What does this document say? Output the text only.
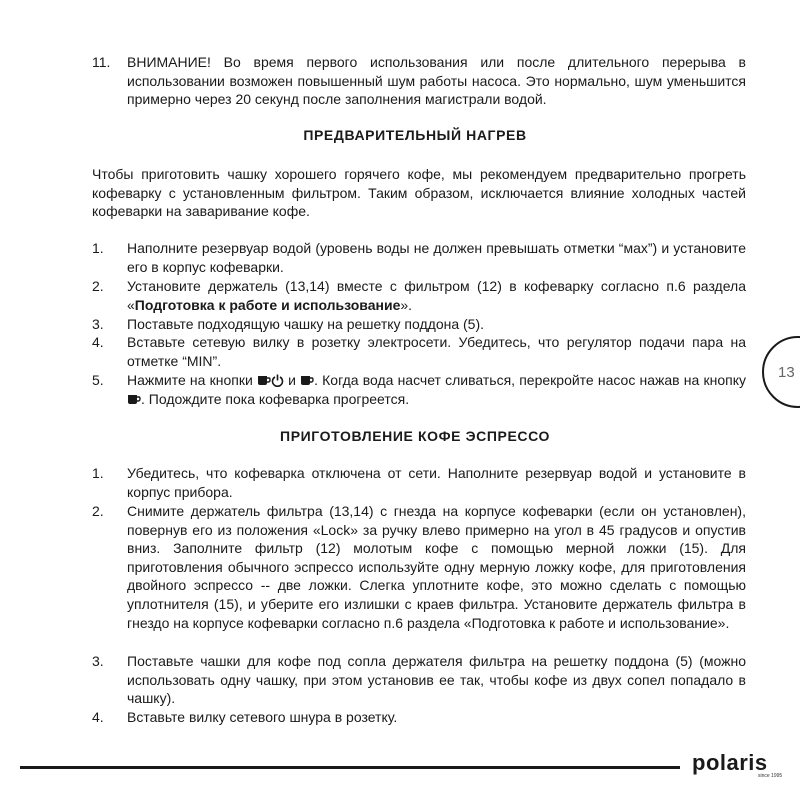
11. ВНИМАНИЕ! Во время первого использования или после длительного перерыва в использовании возможен повышенный шум работы насоса. Это нормально, шум уменьшится примерно через 20 секунд после заполнения магистрали водой.
ПРЕДВАРИТЕЛЬНЫЙ НАГРЕВ
Чтобы приготовить чашку хорошего горячего кофе, мы рекомендуем предварительно прогреть кофеварку с установленным фильтром. Таким образом, исключается влияние холодных частей кофеварки на заваривание кофе.
1. Наполните резервуар водой (уровень воды не должен превышать отметки “мах”) и установите его в корпус кофеварки.
2. Установите держатель (13,14) вместе с фильтром (12) в кофеварку согласно п.6 раздела «Подготовка к работе и использование».
3. Поставьте подходящую чашку на решетку поддона (5).
4. Вставьте сетевую вилку в розетку электросети. Убедитесь, что регулятор подачи пара на отметке “MIN”.
5. Нажмите на кнопки  и . Когда вода насчет сливаться, перекройте насос нажав на кнопку . Подождите пока кофеварка прогреется.
ПРИГОТОВЛЕНИЕ КОФЕ ЭСПРЕССО
1. Убедитесь, что кофеварка отключена от сети. Наполните резервуар водой и установите в корпус прибора.
2. Снимите держатель фильтра (13,14) с гнезда на корпусе кофеварки (если он установлен), повернув его из положения «Lock» за ручку влево примерно на угол в 45 градусов и опустив вниз. Заполните фильтр (12) молотым кофе с помощью мерной ложки (15). Для приготовления обычного эспрессо используйте одну мерную ложку кофе, для приготовления двойного эспрессо -- две ложки. Слегка уплотните кофе, это можно сделать с помощью уплотнителя (15), и уберите его излишки с краев фильтра. Установите держатель фильтра в гнездо на корпусе кофеварки согласно п.6 раздела «Подготовка к работе и использование».
3. Поставьте чашки для кофе под сопла держателя фильтра на решетку поддона (5) (можно использовать одну чашку, при этом установив ее так, чтобы кофе из двух сопел попадало в чашку).
4. Вставьте вилку сетевого шнура в розетку.
13
polaris
since 1995
